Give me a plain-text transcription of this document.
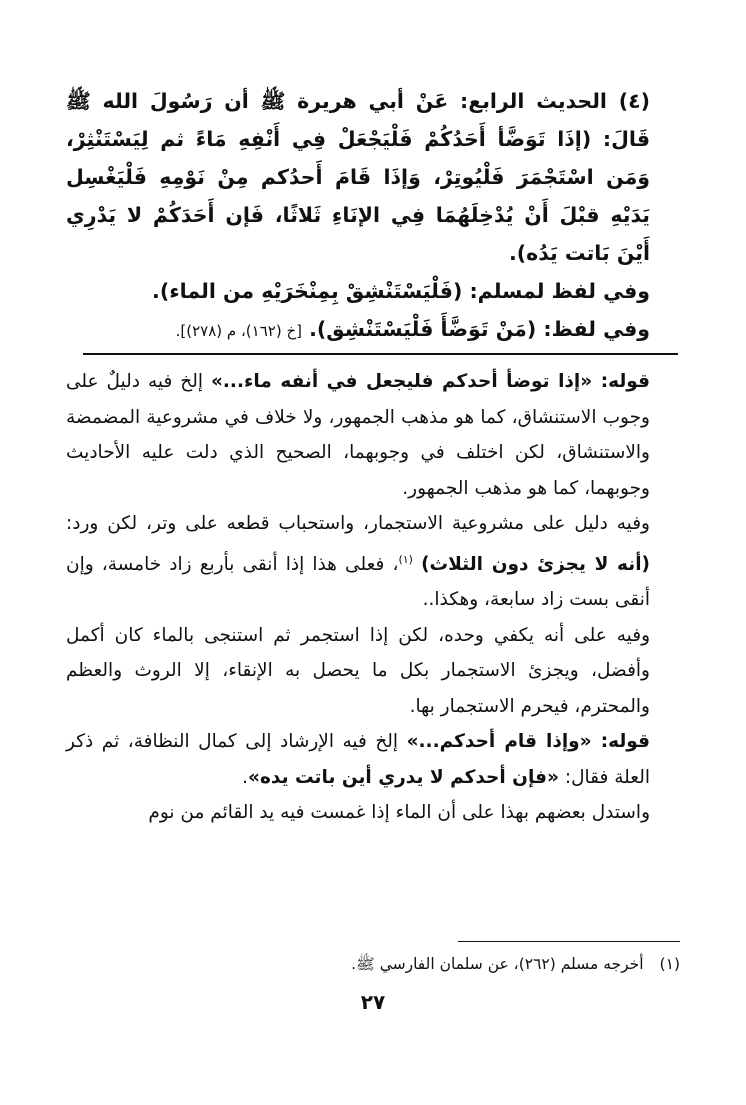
(٤) الحديث الرابع: عَنْ أبي هريرة ﷺ أن رَسُولَ الله ﷺ قَالَ: (إذَا تَوَضَّأ أَحَدُكُمْ فَلْيَجْعَلْ فِي أَنْفِهِ مَاءً ثم لِيَسْتَنْثِرْ، وَمَن اسْتَجْمَرَ فَلْيُوتِرْ، وَإذَا قَامَ أَحدُكم مِنْ نَوْمِهِ فَلْيَغْسِل يَدَيْهِ قبْلَ أَنْ يُدْخِلَهُمَا فِي الإنَاءِ ثَلاثًا، فَإن أَحَدَكُمْ لا يَدْرِي أَيْنَ بَاتت يَدُه).

وفي لفظ لمسلم: (فَلْيَسْتَنْشِقْ بِمِنْخَرَيْهِ من الماء).

وفي لفظ: (مَنْ تَوَضَّأَ فَلْيَسْتَنْشِق). [خ (١٦٢)، م (٢٧٨)].

قوله: «إذا توضأ أحدكم فليجعل في أنفه ماء...» إلخ فيه دليلٌ على وجوب الاستنشاق، كما هو مذهب الجمهور، ولا خلاف في مشروعية المضمضة والاستنشاق، لكن اختلف في وجوبهما، الصحيح الذي دلت عليه الأحاديث وجوبهما، كما هو مذهب الجمهور.

وفيه دليل على مشروعية الاستجمار، واستحباب قطعه على وتر، لكن ورد: (أنه لا يجزئ دون الثلاث) $^{(١)}$، فعلى هذا إذا أنقى بأربع زاد خامسة، وإن أنقى بست زاد سابعة، وهكذا..

وفيه على أنه يكفي وحده، لكن إذا استجمر ثم استنجى بالماء كان أكمل وأفضل، ويجزئ الاستجمار بكل ما يحصل به الإنقاء، إلا الروث والعظم والمحترم، فيحرم الاستجمار بها.

قوله: «وإذا قام أحدكم...» إلخ فيه الإرشاد إلى كمال النظافة، ثم ذكر العلة فقال: «فإن أحدكم لا يدري أين باتت يده».

واستدل بعضهم بهذا على أن الماء إذا غمست فيه يد القائم من نوم

(١)أخرجه مسلم (٢٦٢)، عن سلمان الفارسي ﷺ.
٢٧
